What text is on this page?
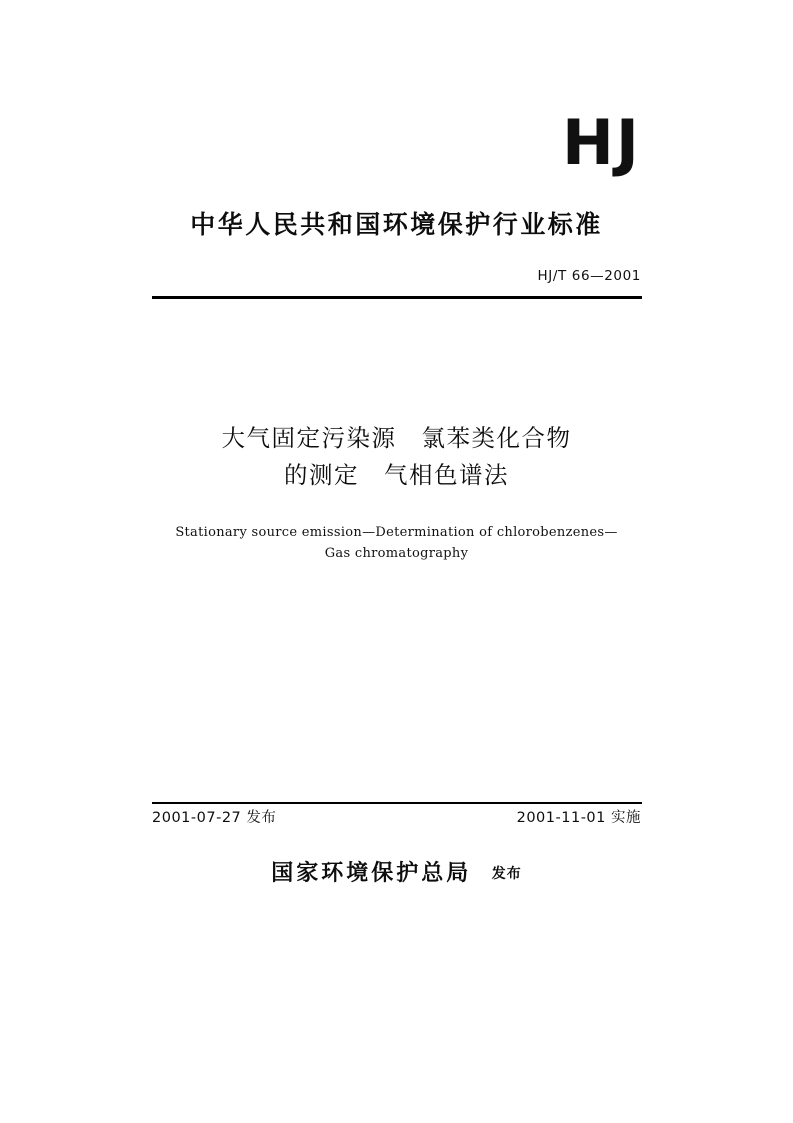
HJ
中华人民共和国环境保护行业标准
HJ/T 66—2001
大气固定污染源　氯苯类化合物
的测定　气相色谱法
Stationary source emission—Determination of chlorobenzenes—
Gas chromatography
2001-07-27 发布	2001-11-01 实施
国家环境保护总局 发布
